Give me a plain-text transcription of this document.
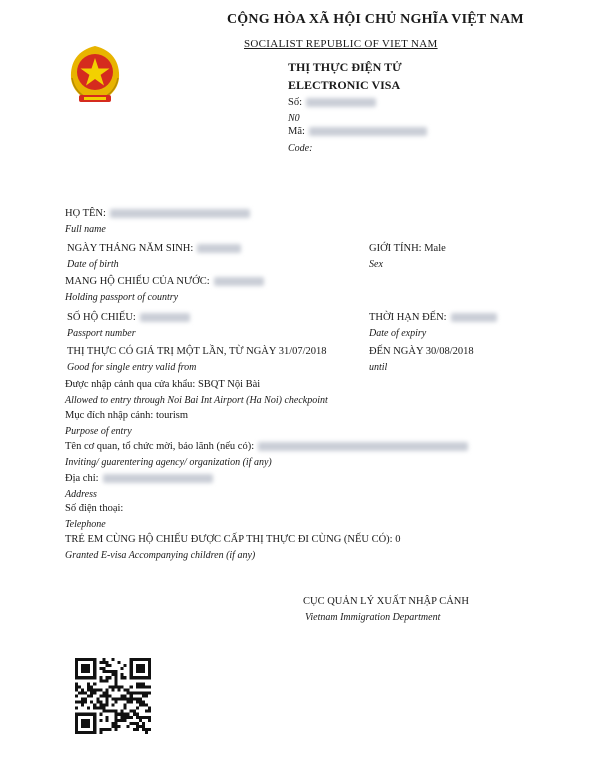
CỘNG HÒA XÃ HỘI CHỦ NGHĨA VIỆT NAM
SOCIALIST REPUBLIC OF VIET NAM
THỊ THỰC ĐIỆN TỬ
ELECTRONIC VISA
Số:
N0
Mã:
Code:
HỌ TÊN:
Full name
NGÀY THÁNG NĂM SINH:
Date of birth
GIỚI TÍNH: Male
Sex
MANG HỘ CHIẾU CỦA NƯỚC:
Holding passport of country
SỐ HỘ CHIẾU:
Passport number
THỜI HẠN ĐẾN:
Date of expiry
THỊ THỰC CÓ GIÁ TRỊ MỘT LẦN, TỪ NGÀY 31/07/2018
Good for single entry valid from
ĐẾN NGÀY 30/08/2018
until
Được nhập cảnh qua cửa khẩu: SBQT Nội Bài
Allowed to entry through Noi Bai Int Airport (Ha Noi) checkpoint
Mục đích nhập cảnh: tourism
Purpose of entry
Tên cơ quan, tổ chức mời, bảo lãnh (nếu có):
Inviting/ guarentering agency/ organization (if any)
Địa chỉ:
Address
Số điện thoại:
Telephone
TRẺ EM CÙNG HỘ CHIẾU ĐƯỢC CẤP THỊ THỰC ĐI CÙNG (NẾU CÓ): 0
Granted E-visa Accompanying children (if any)
CỤC QUẢN LÝ XUẤT NHẬP CẢNH
Vietnam Immigration Department
